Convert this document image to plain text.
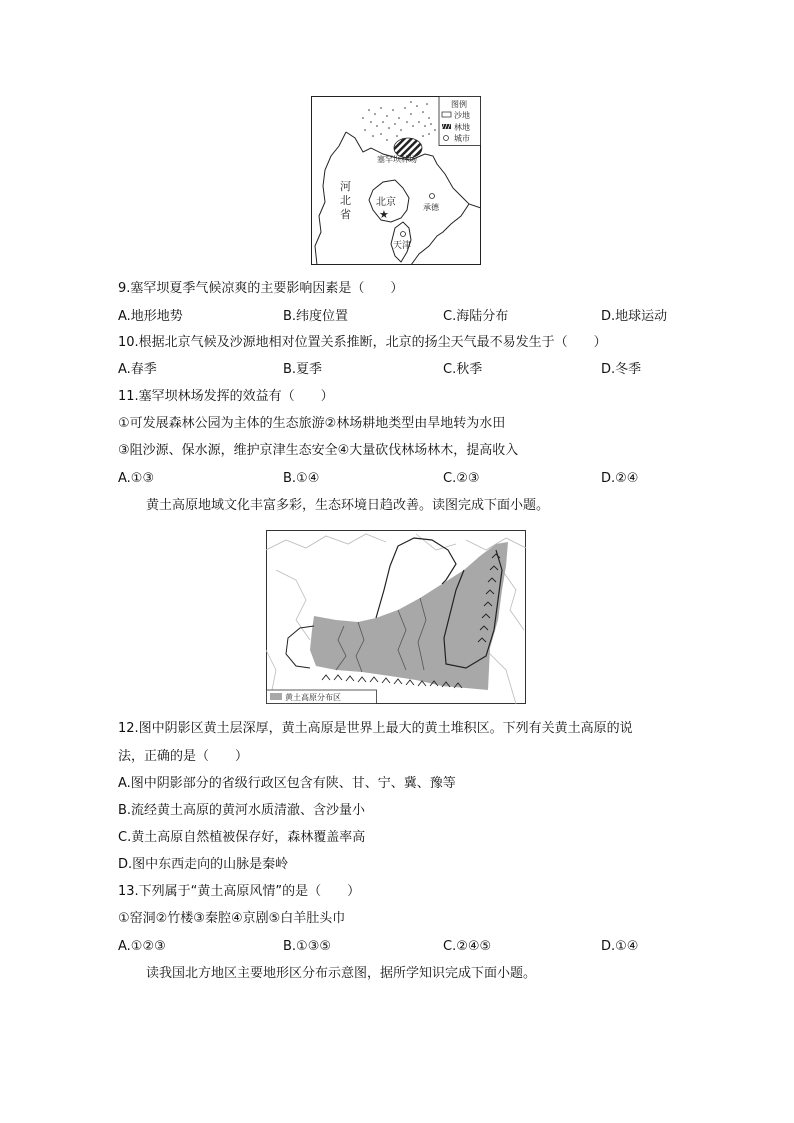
图例
沙地
林地
城市
塞罕坝林场
河
北
省
北京
★
承德
天津
9.塞罕坝夏季气候凉爽的主要影响因素是（　　）
A.地形地势	B.纬度位置	C.海陆分布	D.地球运动
10.根据北京气候及沙源地相对位置关系推断，北京的扬尘天气最不易发生于（　　）
A.春季	B.夏季	C.秋季	D.冬季
11.塞罕坝林场发挥的效益有（　　）
①可发展森林公园为主体的生态旅游②林场耕地类型由旱地转为水田
③阻沙源、保水源，维护京津生态安全④大量砍伐林场林木，提高收入
A.①③	B.①④	C.②③	D.②④
黄土高原地域文化丰富多彩，生态环境日趋改善。读图完成下面小题。
黄土高原分布区
12.图中阴影区黄土层深厚，黄土高原是世界上最大的黄土堆积区。下列有关黄土高原的说
法，正确的是（　　）
A.图中阴影部分的省级行政区包含有陕、甘、宁、冀、豫等
B.流经黄土高原的黄河水质清澈、含沙量小
C.黄土高原自然植被保存好，森林覆盖率高
D.图中东西走向的山脉是秦岭
13.下列属于“黄土高原风情”的是（　　）
①窑洞②竹楼③秦腔④京剧⑤白羊肚头巾
A.①②③	B.①③⑤	C.②④⑤	D.①④
读我国北方地区主要地形区分布示意图，据所学知识完成下面小题。
